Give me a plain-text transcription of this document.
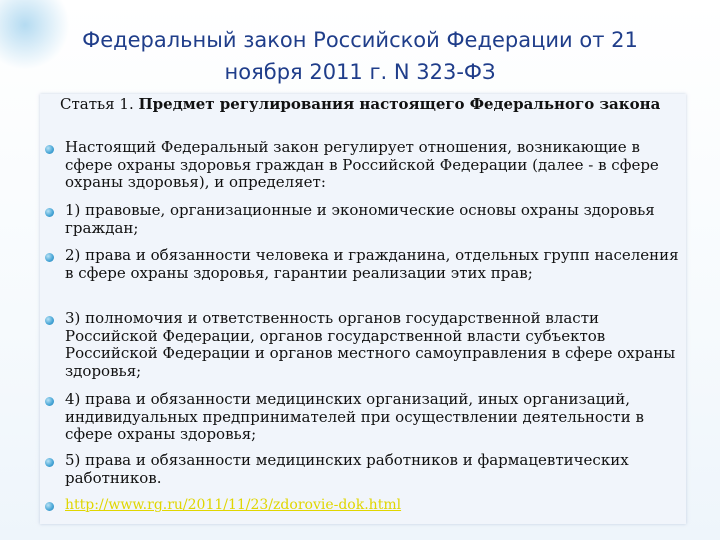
Федеральный закон Российской Федерации от 21
ноября 2011 г. N 323-ФЗ
Статья 1. Предмет регулирования настоящего Федерального закона
Настоящий Федеральный закон регулирует отношения, возникающие в сфере охраны здоровья граждан в Российской Федерации (далее - в сфере охраны здоровья), и определяет:
1) правовые, организационные и экономические основы охраны здоровья граждан;
2) права и обязанности человека и гражданина, отдельных групп населения в сфере охраны здоровья, гарантии реализации этих прав;
3) полномочия и ответственность органов государственной власти Российской Федерации, органов государственной власти субъектов Российской Федерации и органов местного самоуправления в сфере охраны здоровья;
4) права и обязанности медицинских организаций, иных организаций, индивидуальных предпринимателей при осуществлении деятельности в сфере охраны здоровья;
5) права и обязанности медицинских работников и фармацевтических работников.
http://www.rg.ru/2011/11/23/zdorovie-dok.html
